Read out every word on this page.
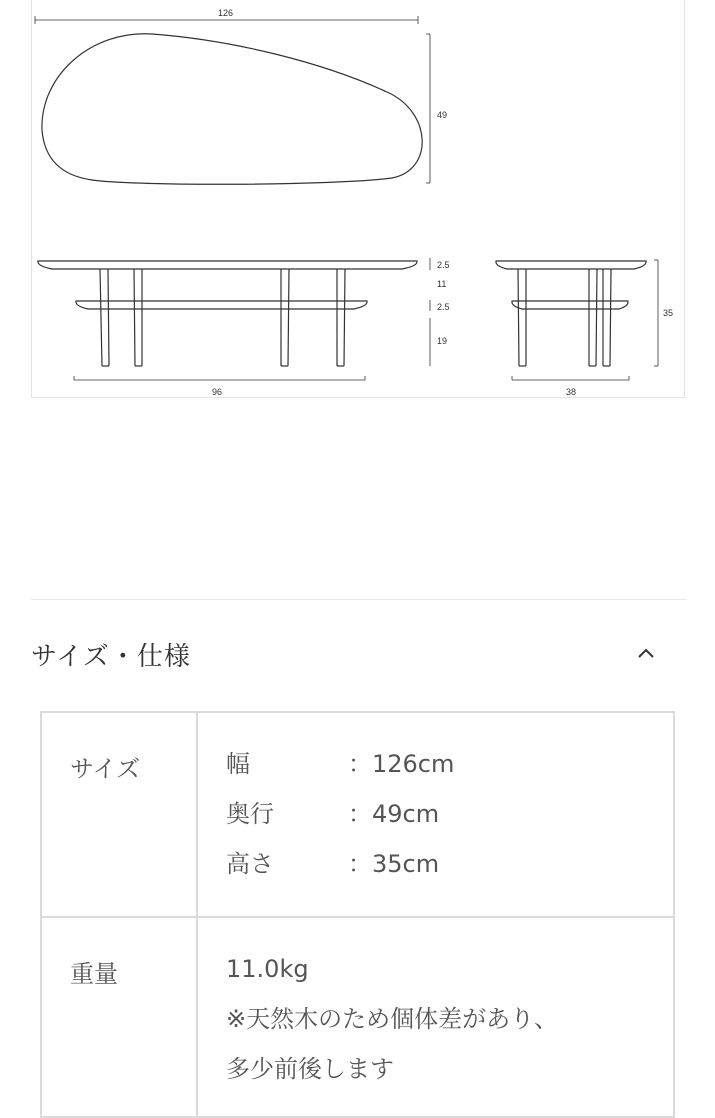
126
49
2.5
11
2.5
19
96	38
35
サイズ・仕様
サイズ	幅 ：126cm
奥行 ：49cm
高さ ：35cm

重量	11.0kg
※天然木のため個体差があり、
多少前後します
